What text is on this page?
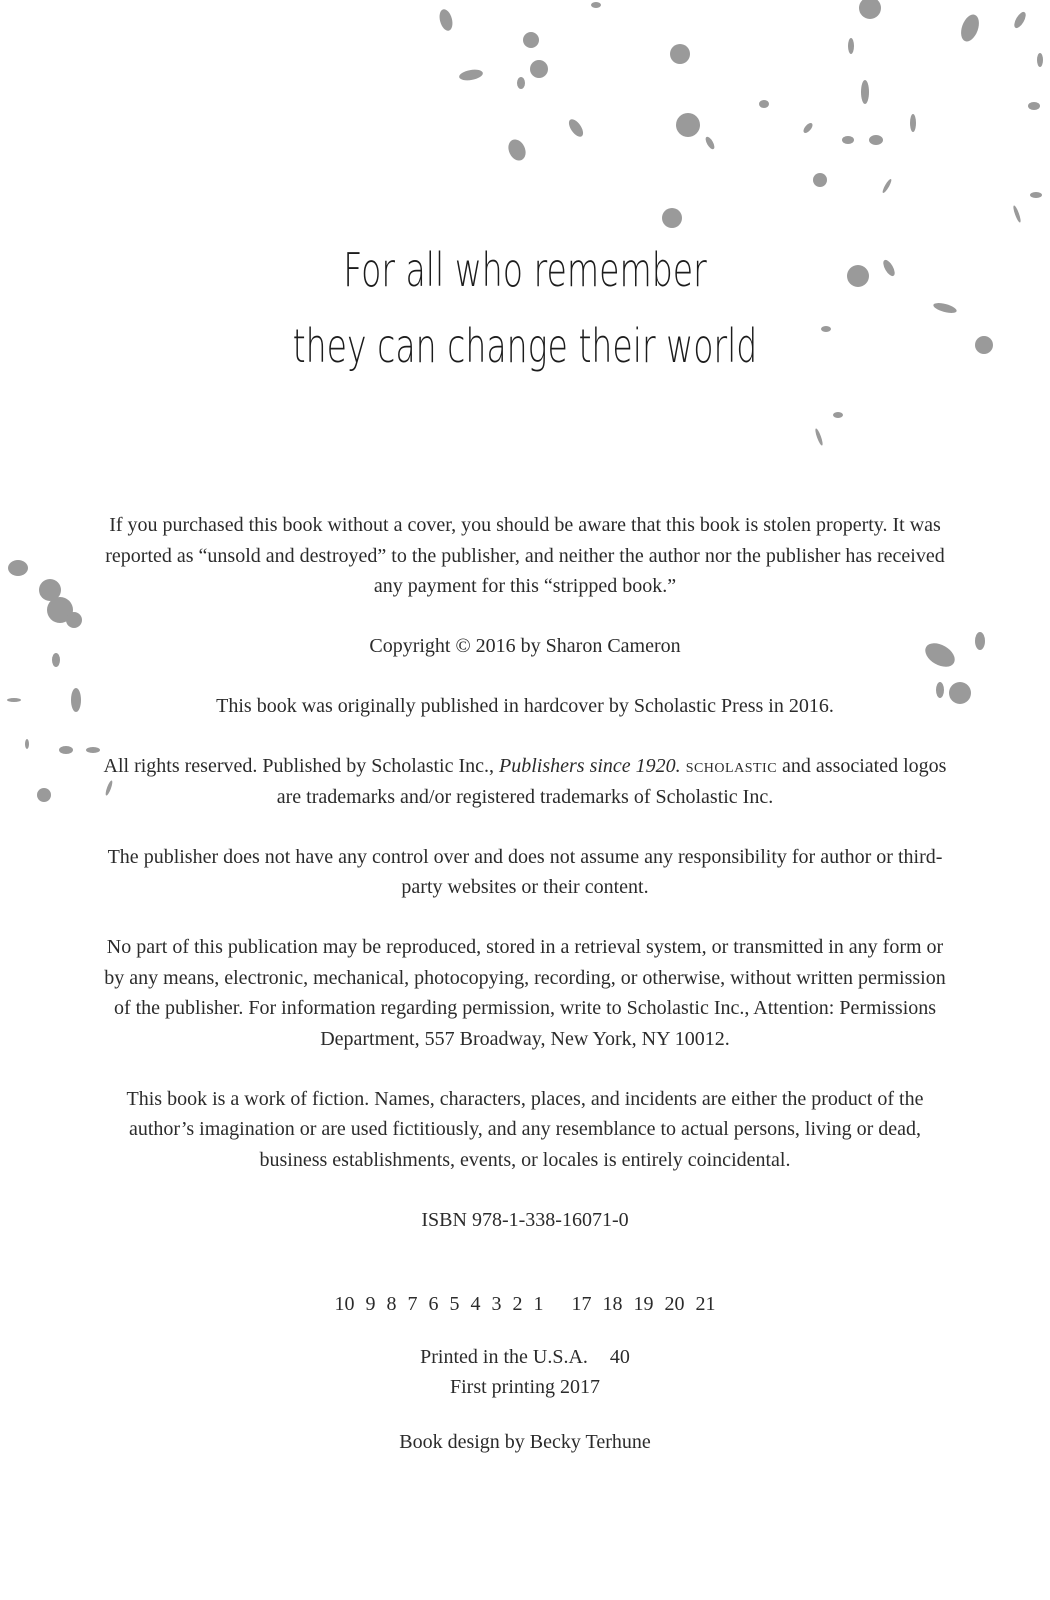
For all who remember
they can change their world

If you purchased this book without a cover, you should be aware that this book is stolen property. It was reported as “unsold and destroyed” to the publisher, and neither the author nor the publisher has received any payment for this “stripped book.”

Copyright © 2016 by Sharon Cameron

This book was originally published in hardcover by Scholastic Press in 2016.

All rights reserved. Published by Scholastic Inc., Publishers since 1920. scholastic and associated logos are trademarks and/or registered trademarks of Scholastic Inc.

The publisher does not have any control over and does not assume any responsibility for author or third-party websites or their content.

No part of this publication may be reproduced, stored in a retrieval system, or transmitted in any form or by any means, electronic, mechanical, photocopying, recording, or otherwise, without written permission of the publisher. For information regarding permission, write to Scholastic Inc., Attention: Permissions Department, 557 Broadway, New York, NY 10012.

This book is a work of fiction. Names, characters, places, and incidents are either the product of the author’s imagination or are used fictitiously, and any resemblance to actual persons, living or dead, business establishments, events, or locales is entirely coincidental.

ISBN 978-1-338-16071-0

10 9 8 7 6 5 4 3 2 1 17 18 19 20 21

Printed in the U.S.A. 40

First printing 2017

Book design by Becky Terhune
